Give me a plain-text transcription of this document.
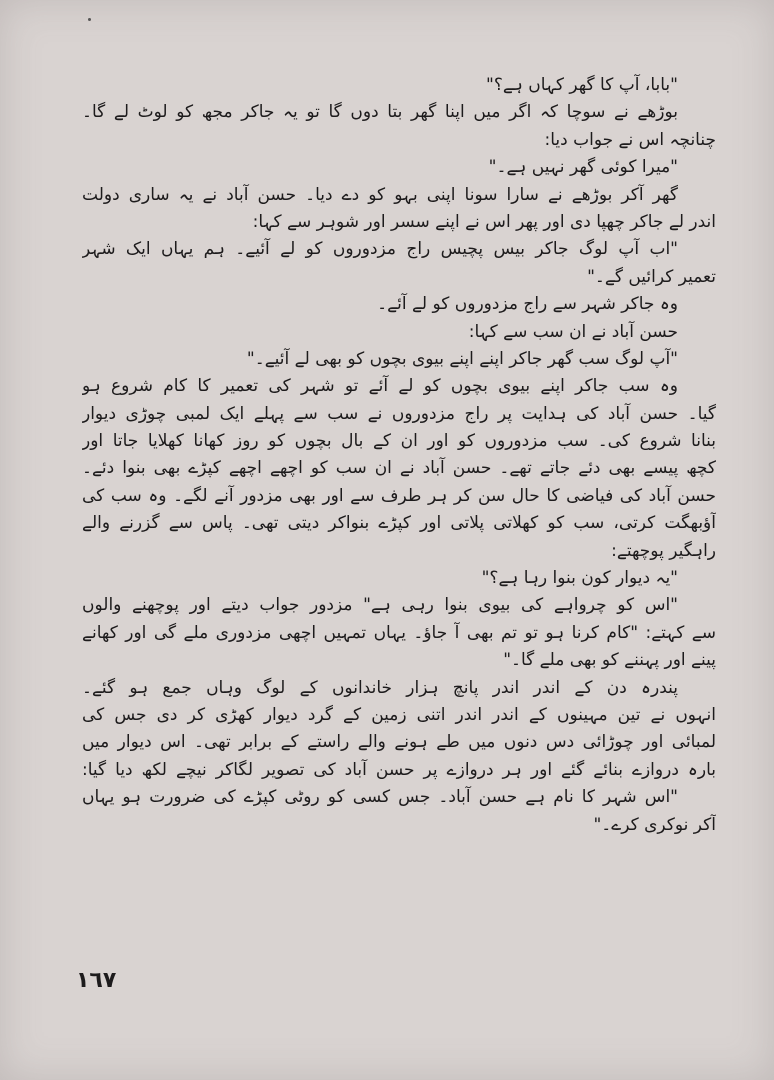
"بابا، آپ کا گھر کہاں ہے؟"
بوڑھے نے سوچا کہ اگر میں اپنا گھر بتا دوں گا تو یہ جاکر مجھ کو لوٹ لے گا۔
چنانچہ اس نے جواب دیا:
"میرا کوئی گھر نہیں ہے۔"
گھر آکر بوڑھے نے سارا سونا اپنی بہو کو دے دیا۔ حسن آباد نے یہ ساری دولت
اندر لے جاکر چھپا دی اور پھر اس نے اپنے سسر اور شوہر سے کہا:
"اب آپ لوگ جاکر بیس پچیس راج مزدوروں کو لے آئیے۔ ہم یہاں ایک شہر
تعمیر کرائیں گے۔"
وہ جاکر شہر سے راج مزدوروں کو لے آئے۔
حسن آباد نے ان سب سے کہا:
"آپ لوگ سب گھر جاکر اپنے اپنے بیوی بچوں کو بھی لے آئیے۔"
وہ سب جاکر اپنے بیوی بچوں کو لے آئے تو شہر کی تعمیر کا کام شروع ہو
گیا۔ حسن آباد کی ہدایت پر راج مزدوروں نے سب سے پہلے ایک لمبی چوڑی دیوار
بنانا شروع کی۔ سب مزدوروں کو اور ان کے بال بچوں کو روز کھانا کھلایا جاتا اور
کچھ پیسے بھی دئے جاتے تھے۔ حسن آباد نے ان سب کو اچھے اچھے کپڑے بھی بنوا دئے۔
حسن آباد کی فیاضی کا حال سن کر ہر طرف سے اور بھی مزدور آنے لگے۔ وہ سب کی
آؤبھگت کرتی، سب کو کھلاتی پلاتی اور کپڑے بنواکر دیتی تھی۔ پاس سے گزرنے والے
راہگیر پوچھتے:
"یہ دیوار کون بنوا رہا ہے؟"
"اس کو چرواہے کی بیوی بنوا رہی ہے" مزدور جواب دیتے اور پوچھنے والوں
سے کہتے: "کام کرنا ہو تو تم بھی آ جاؤ۔ یہاں تمہیں اچھی مزدوری ملے گی اور کھانے
پینے اور پہننے کو بھی ملے گا۔"
پندرہ دن کے اندر اندر پانچ ہزار خاندانوں کے لوگ وہاں جمع ہو گئے۔
انہوں نے تین مہینوں کے اندر اندر اتنی زمین کے گرد دیوار کھڑی کر دی جس کی
لمبائی اور چوڑائی دس دنوں میں طے ہونے والے راستے کے برابر تھی۔ اس دیوار میں
بارہ دروازے بنائے گئے اور ہر دروازے پر حسن آباد کی تصویر لگاکر نیچے لکھ دیا گیا:
"اس شہر کا نام ہے حسن آباد۔ جس کسی کو روٹی کپڑے کی ضرورت ہو یہاں
آکر نوکری کرے۔"
١٦٧
